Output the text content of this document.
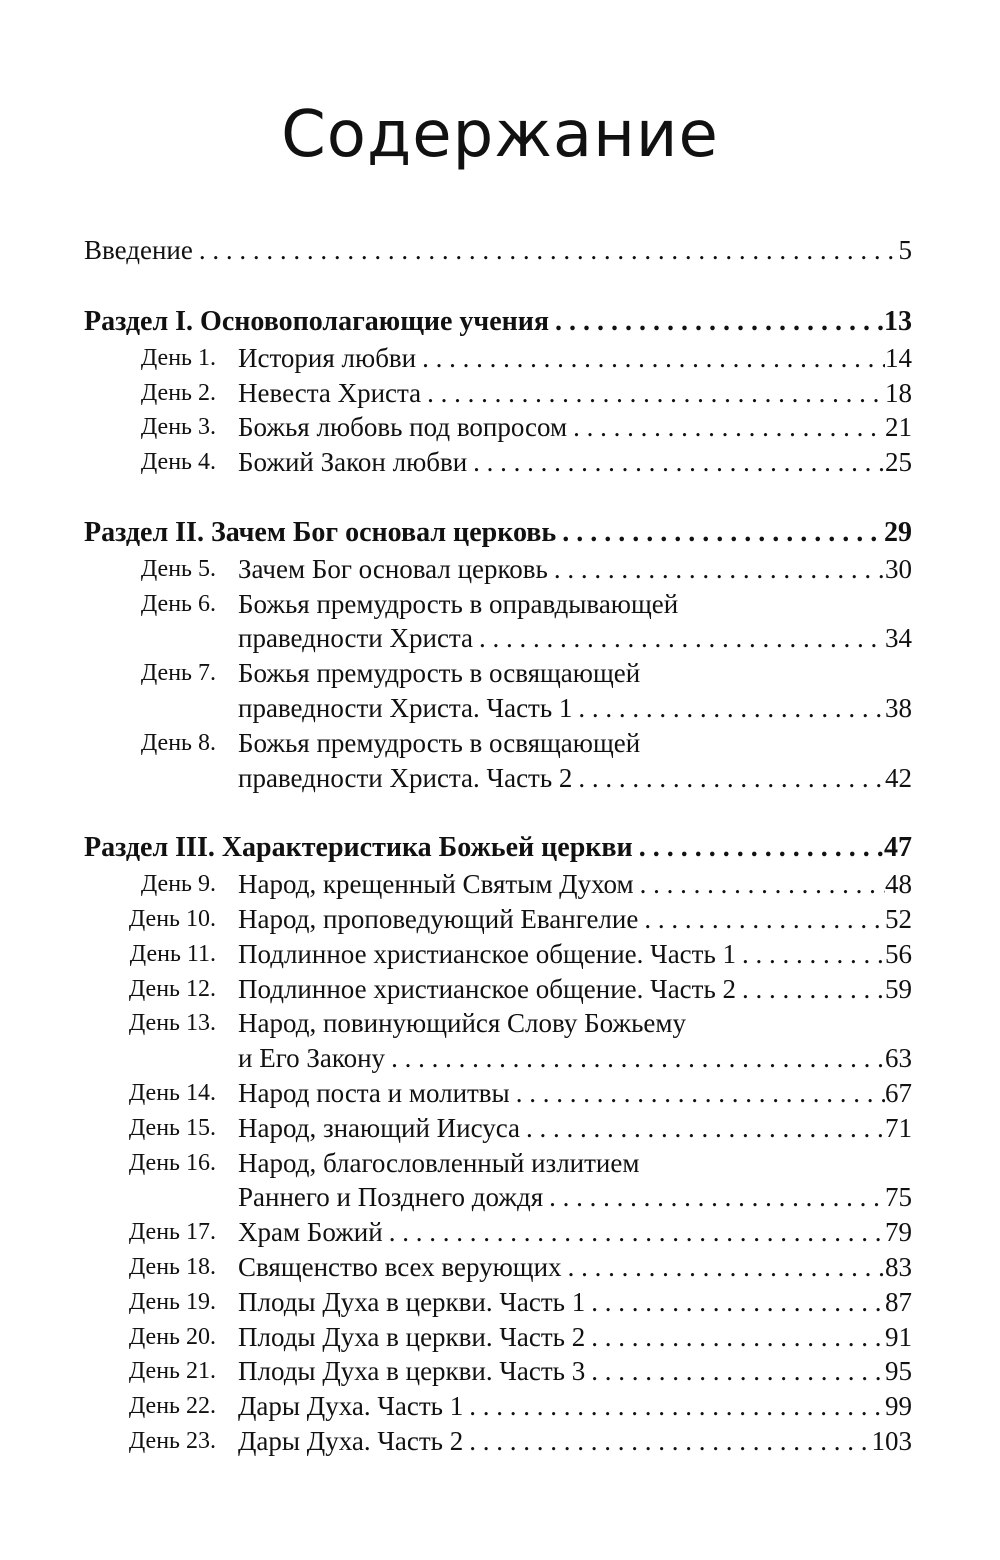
Содержание
Введение . . .	5
Раздел I. Основополагающие учения . . .	13
День 1. История любви . . .	14
День 2. Невеста Христа . . .	18
День 3. Божья любовь под вопросом . . .	21
День 4. Божий Закон любви . . .	25
Раздел II. Зачем Бог основал церковь . . .	29
День 5. Зачем Бог основал церковь . . .	30
День 6. Божья премудрость в оправдывающей
праведности Христа . . .	34
День 7. Божья премудрость в освящающей
праведности Христа. Часть 1 . . .	38
День 8. Божья премудрость в освящающей
праведности Христа. Часть 2 . . .	42
Раздел III. Характеристика Божьей церкви . . .	47
День 9. Народ, крещенный Святым Духом . . .	48
День 10. Народ, проповедующий Евангелие . . .	52
День 11. Подлинное христианское общение. Часть 1 . . .	56
День 12. Подлинное христианское общение. Часть 2 . . .	59
День 13. Народ, повинующийся Слову Божьему
и Его Закону . . .	63
День 14. Народ поста и молитвы . . .	67
День 15. Народ, знающий Иисуса . . .	71
День 16. Народ, благословленный излитием
Раннего и Позднего дождя . . .	75
День 17. Храм Божий . . .	79
День 18. Священство всех верующих . . .	83
День 19. Плоды Духа в церкви. Часть 1 . . .	87
День 20. Плоды Духа в церкви. Часть 2 . . .	91
День 21. Плоды Духа в церкви. Часть 3 . . .	95
День 22. Дары Духа. Часть 1 . . .	99
День 23. Дары Духа. Часть 2 . . .	103
